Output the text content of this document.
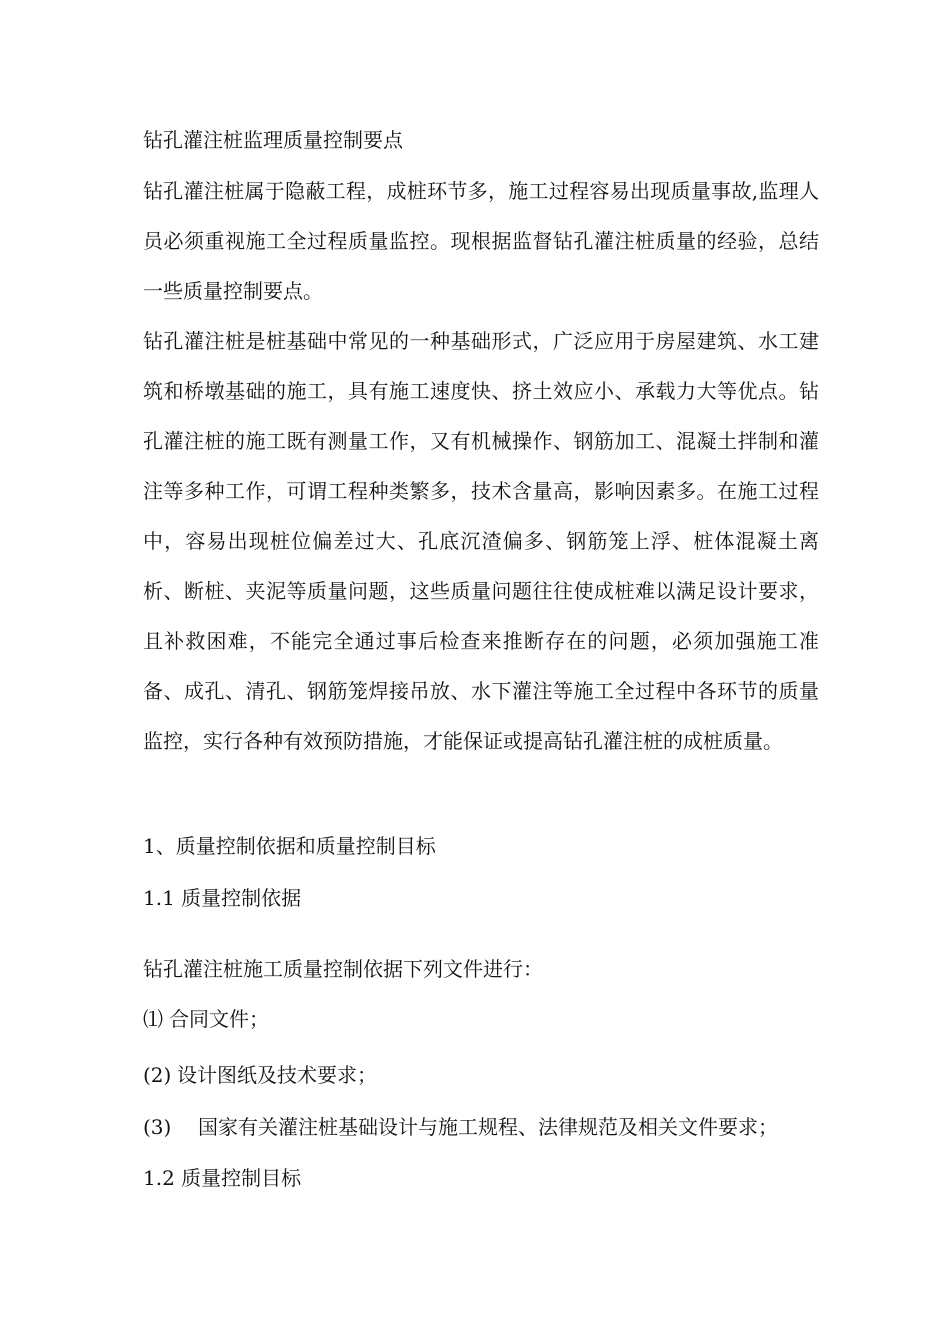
钻孔灌注桩监理质量控制要点
钻孔灌注桩属于隐蔽工程，成桩环节多，施工过程容易出现质量事故,监理人员必须重视施工全过程质量监控。现根据监督钻孔灌注桩质量的经验，总结一些质量控制要点。
钻孔灌注桩是桩基础中常见的一种基础形式，广泛应用于房屋建筑、水工建筑和桥墩基础的施工，具有施工速度快、挤土效应小、承载力大等优点。钻孔灌注桩的施工既有测量工作，又有机械操作、钢筋加工、混凝土拌制和灌注等多种工作，可谓工程种类繁多，技术含量高，影响因素多。在施工过程中，容易出现桩位偏差过大、孔底沉渣偏多、钢筋笼上浮、桩体混凝土离析、断桩、夹泥等质量问题，这些质量问题往往使成桩难以满足设计要求，且补救困难，不能完全通过事后检查来推断存在的问题，必须加强施工准备、成孔、清孔、钢筋笼焊接吊放、水下灌注等施工全过程中各环节的质量监控，实行各种有效预防措施，才能保证或提高钻孔灌注桩的成桩质量。
1、质量控制依据和质量控制目标
1.1 质量控制依据
钻孔灌注桩施工质量控制依据下列文件进行：
⑴ 合同文件；
(2) 设计图纸及技术要求；
(3) 国家有关灌注桩基础设计与施工规程、法律规范及相关文件要求；
1.2 质量控制目标
